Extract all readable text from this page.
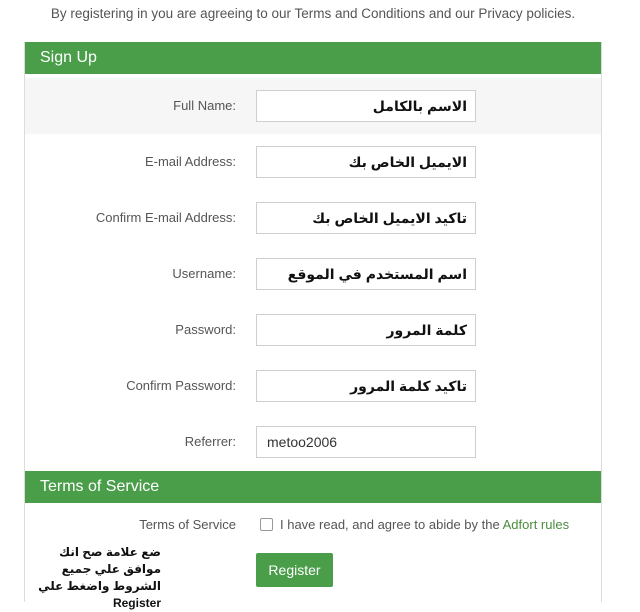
By registering in you are agreeing to our Terms and Conditions and our Privacy policies.
Sign Up
Full Name:	الاسم بالكامل
E-mail Address:	الايميل الخاص بك
Confirm E-mail Address:	تاكيد الايميل الخاص بك
Username:	اسم المستخدم في الموقع
Password:	كلمة المرور
Confirm Password:	تاكيد كلمة المرور
Referrer:	metoo2006
Terms of Service
Terms of Service	I have read, and agree to abide by the Adfort rules
ضع علامة صح انك موافق علي جميع الشروط واضغط علي Register
Register
